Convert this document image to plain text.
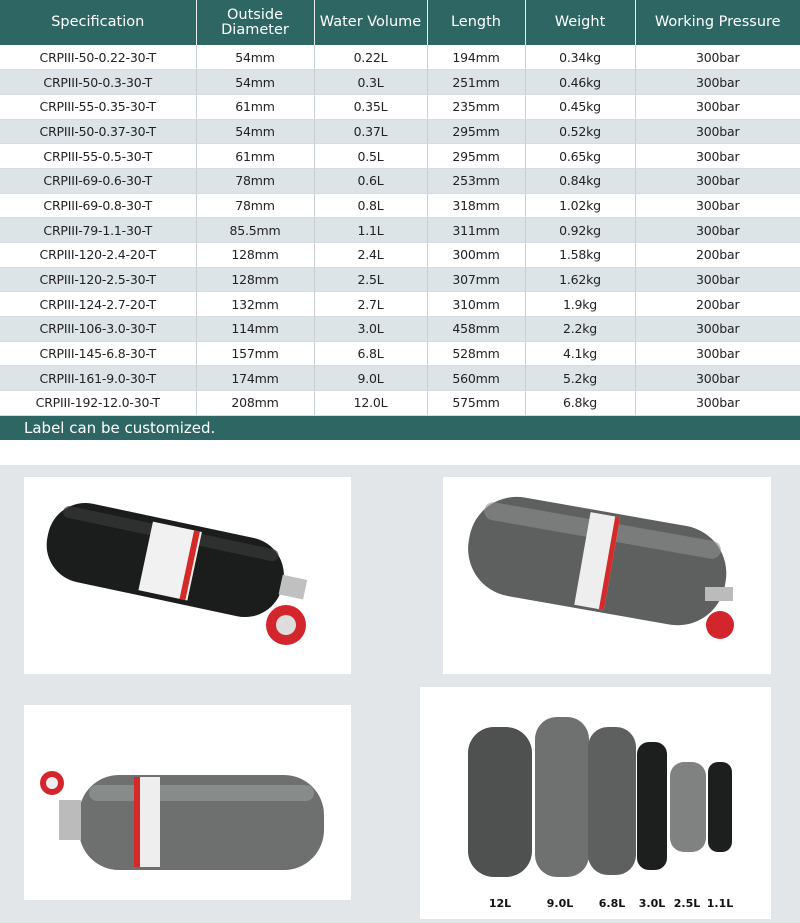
Specification	Outside Diameter	Water Volume	Length	Weight	Working Pressure
CRPIII-50-0.22-30-T	54mm	0.22L	194mm	0.34kg	300bar
CRPIII-50-0.3-30-T	54mm	0.3L	251mm	0.46kg	300bar
CRPIII-55-0.35-30-T	61mm	0.35L	235mm	0.45kg	300bar
CRPIII-50-0.37-30-T	54mm	0.37L	295mm	0.52kg	300bar
CRPIII-55-0.5-30-T	61mm	0.5L	295mm	0.65kg	300bar
CRPIII-69-0.6-30-T	78mm	0.6L	253mm	0.84kg	300bar
CRPIII-69-0.8-30-T	78mm	0.8L	318mm	1.02kg	300bar
CRPIII-79-1.1-30-T	85.5mm	1.1L	311mm	0.92kg	300bar
CRPIII-120-2.4-20-T	128mm	2.4L	300mm	1.58kg	200bar
CRPIII-120-2.5-30-T	128mm	2.5L	307mm	1.62kg	300bar
CRPIII-124-2.7-20-T	132mm	2.7L	310mm	1.9kg	200bar
CRPIII-106-3.0-30-T	114mm	3.0L	458mm	2.2kg	300bar
CRPIII-145-6.8-30-T	157mm	6.8L	528mm	4.1kg	300bar
CRPIII-161-9.0-30-T	174mm	9.0L	560mm	5.2kg	300bar
CRPIII-192-12.0-30-T	208mm	12.0L	575mm	6.8kg	300bar
Label can be customized.
12L	9.0L 6.8L 3.0L 2.5L 1.1L
